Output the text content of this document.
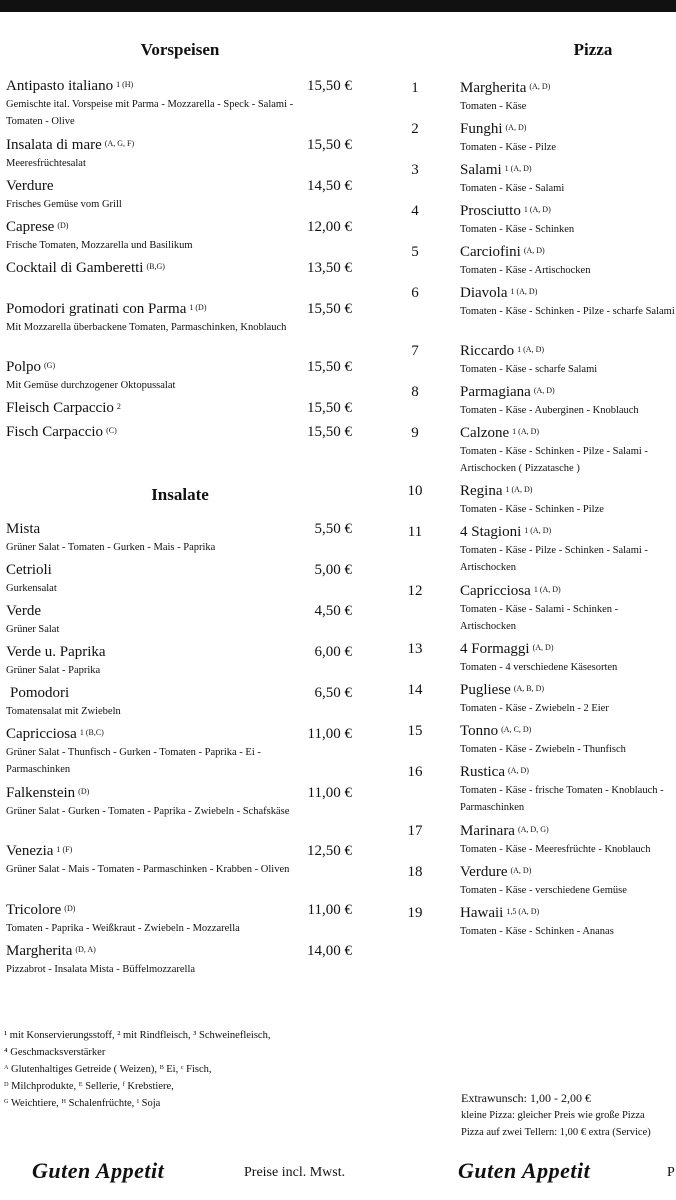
Vorspeisen
Antipasto italiano $^{1 (H)}$	15,50 €
Gemischte ital. Vorspeise mit Parma - Mozzarella - Speck - Salami - Tomaten - Olive
Insalata di mare $^{(A, G, F)}$	15,50 €
Meeresfrüchtesalat
Verdure	14,50 €
Frisches Gemüse vom Grill
Caprese $^{(D)}$	12,00 €
Frische Tomaten, Mozzarella und Basilikum
Cocktail di Gamberetti $^{(B,G)}$	13,50 €
Pomodori gratinati con Parma $^{1 (D)}$	15,50 €
Mit Mozzarella überbackene Tomaten, Parmaschinken, Knoblauch
Polpo $^{(G)}$	15,50 €
Mit Gemüse durchzogener Oktopussalat
Fleisch Carpaccio $^2$	15,50 €
Fisch Carpaccio $^{(C)}$	15,50 €
Insalate
Mista	5,50 €
Grüner Salat - Tomaten - Gurken - Mais - Paprika
Cetrioli	5,00 €
Gurkensalat
Verde	4,50 €
Grüner Salat
Verde u. Paprika	6,00 €
Grüner Salat - Paprika
Pomodori	6,50 €
Tomatensalat mit Zwiebeln
Capricciosa $^{1 (B,C)}$	11,00 €
Grüner Salat - Thunfisch - Gurken - Tomaten - Paprika - Ei - Parmaschinken
Falkenstein $^{(D)}$	11,00 €
Grüner Salat - Gurken - Tomaten - Paprika - Zwiebeln - Schafskäse
Venezia $^{1 (F)}$	12,50 €
Grüner Salat - Mais - Tomaten - Parmaschinken - Krabben - Oliven
Tricolore $^{(D)}$	11,00 €
Tomaten - Paprika - Weißkraut - Zwiebeln - Mozzarella
Margherita $^{(D, A)}$	14,00 €
Pizzabrot - Insalata Mista - Büffelmozzarella
Pizza
1	Margherita $^{(A, D)}$
Tomaten - Käse
2	Funghi $^{(A, D)}$
Tomaten - Käse - Pilze
3	Salami $^{1 (A, D)}$
Tomaten - Käse - Salami
4	Prosciutto $^{1 (A, D)}$
Tomaten - Käse - Schinken
5	Carciofini $^{(A, D)}$
Tomaten - Käse - Artischocken
6	Diavola $^{1 (A, D)}$
Tomaten - Käse - Schinken - Pilze - scharfe Salami
7	Riccardo $^{1 (A, D)}$
Tomaten - Käse - scharfe Salami
8	Parmagiana $^{(A, D)}$
Tomaten - Käse - Auberginen - Knoblauch
9	Calzone $^{1 (A, D)}$
Tomaten - Käse - Schinken - Pilze - Salami - Artischocken ( Pizzatasche )
10	Regina $^{1 (A, D)}$
Tomaten - Käse - Schinken - Pilze
11	4 Stagioni $^{1 (A, D)}$
Tomaten - Käse - Pilze - Schinken - Salami - Artischocken
12	Capricciosa $^{1 (A, D)}$
Tomaten - Käse - Salami - Schinken - Artischocken
13	4 Formaggi $^{(A, D)}$
Tomaten - 4 verschiedene Käsesorten
14	Pugliese $^{(A, B, D)}$
Tomaten - Käse - Zwiebeln - 2 Eier
15	Tonno $^{(A, C, D)}$
Tomaten - Käse - Zwiebeln - Thunfisch
16	Rustica $^{(A, D)}$
Tomaten - Käse - frische Tomaten - Knoblauch - Parmaschinken
17	Marinara $^{(A, D, G)}$
Tomaten - Käse - Meeresfrüchte - Knoblauch
18	Verdure $^{(A, D)}$
Tomaten - Käse - verschiedene Gemüse
19	Hawaii $^{1,5 (A, D)}$
Tomaten - Käse - Schinken - Ananas
¹ mit Konservierungsstoff, ² mit Rindfleisch, ³ Schweinefleisch,
⁴ Geschmacksverstärker
ᴬ Glutenhaltiges Getreide ( Weizen), ᴮ Ei, ᶜ Fisch,
ᴰ Milchprodukte, ᴱ Sellerie, ᶠ Krebstiere,
ᴳ Weichtiere, ᴴ Schalenfrüchte, ᴵ Soja	Extrawunsch: 1,00 - 2,00 €
kleine Pizza: gleicher Preis wie große Pizza
Pizza auf zwei Tellern: 1,00 € extra (Service)
Guten Appetit	Preise incl. Mwst.	Guten Appetit	P
